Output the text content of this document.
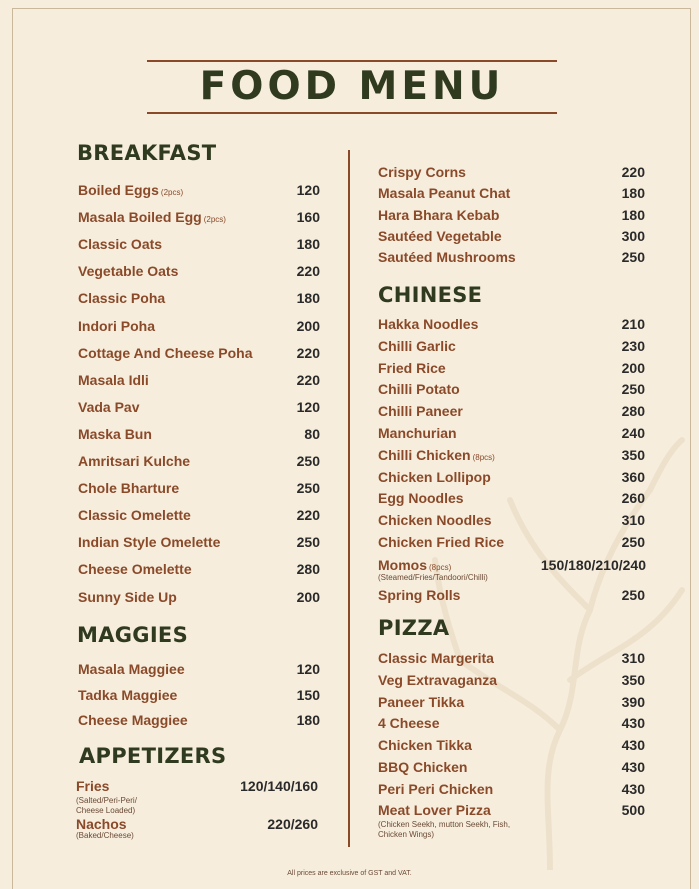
FOOD MENU
BREAKFAST
Boiled Eggs (2pcs)	120
Masala Boiled Egg (2pcs)	160
Classic Oats	180
Vegetable Oats	220
Classic Poha	180
Indori Poha	200
Cottage And Cheese Poha	220
Masala Idli	220
Vada Pav	120
Maska Bun	80
Amritsari Kulche	250
Chole Bharture	250
Classic Omelette	220
Indian Style Omelette	250
Cheese Omelette	280
Sunny Side Up	200
MAGGIES
Masala Maggiee	120
Tadka Maggiee	150
Cheese Maggiee	180
APPETIZERS
Fries	120/140/160
(Salted/Peri-Peri/
Cheese Loaded)
Nachos	220/260
(Baked/Cheese)
Crispy Corns	220
Masala Peanut Chat	180
Hara Bhara Kebab	180
Sautéed Vegetable	300
Sautéed Mushrooms	250
CHINESE
Hakka Noodles	210
Chilli Garlic	230
Fried Rice	200
Chilli Potato	250
Chilli Paneer	280
Manchurian	240
Chilli Chicken (8pcs)	350
Chicken Lollipop	360
Egg Noodles	260
Chicken Noodles	310
Chicken Fried Rice	250
Momos (8pcs)	150/180/210/240
(Steamed/Fries/Tandoori/Chilli)
Spring Rolls	250
PIZZA
Classic Margerita	310
Veg Extravaganza	350
Paneer Tikka	390
4 Cheese	430
Chicken Tikka	430
BBQ Chicken	430
Peri Peri Chicken	430
Meat Lover Pizza	500
(Chicken Seekh, mutton Seekh, Fish,
Chicken Wings)
All prices are exclusive of GST and VAT.
